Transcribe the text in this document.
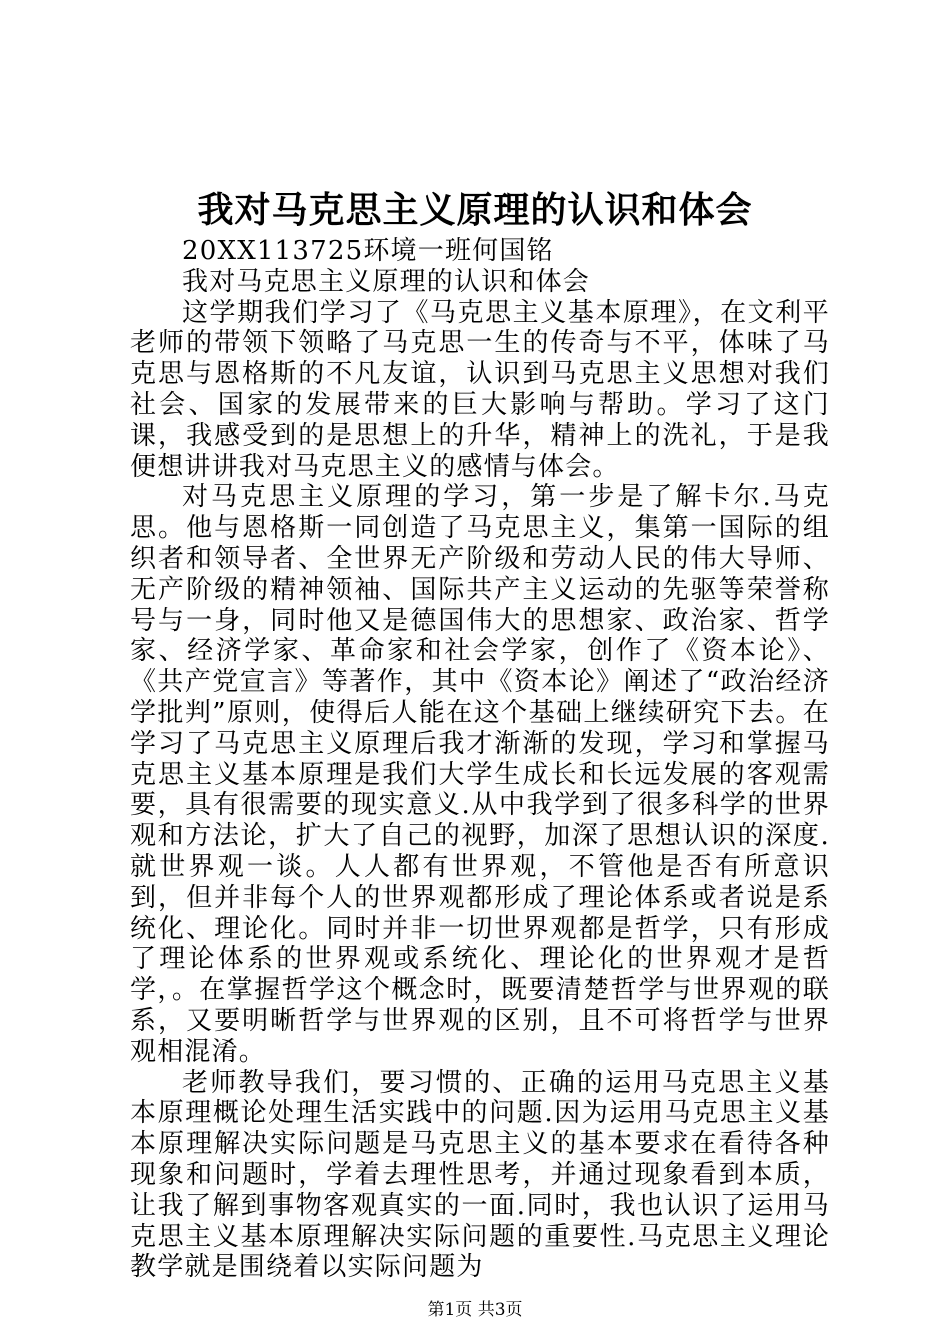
我对马克思主义原理的认识和体会

20XX113725环境一班何国铭

我对马克思主义原理的认识和体会

这学期我们学习了《马克思主义基本原理》，在文利平老师的带领下领略了马克思一生的传奇与不平，体味了马克思与恩格斯的不凡友谊，认识到马克思主义思想对我们社会、国家的发展带来的巨大影响与帮助。学习了这门课，我感受到的是思想上的升华，精神上的洗礼，于是我便想讲讲我对马克思主义的感情与体会。

对马克思主义原理的学习，第一步是了解卡尔.马克思。他与恩格斯一同创造了马克思主义，集第一国际的组织者和领导者、全世界无产阶级和劳动人民的伟大导师、无产阶级的精神领袖、国际共产主义运动的先驱等荣誉称号与一身，同时他又是德国伟大的思想家、政治家、哲学家、经济学家、革命家和社会学家，创作了《资本论》、《共产党宣言》等著作，其中《资本论》阐述了“政治经济学批判”原则，使得后人能在这个基础上继续研究下去。在学习了马克思主义原理后我才渐渐的发现，学习和掌握马克思主义基本原理是我们大学生成长和长远发展的客观需要，具有很需要的现实意义.从中我学到了很多科学的世界观和方法论，扩大了自己的视野，加深了思想认识的深度.就世界观一谈。人人都有世界观，不管他是否有所意识到，但并非每个人的世界观都形成了理论体系或者说是系统化、理论化。同时并非一切世界观都是哲学，只有形成了理论体系的世界观或系统化、理论化的世界观才是哲学，。在掌握哲学这个概念时，既要清楚哲学与世界观的联系，又要明晰哲学与世界观的区别，且不可将哲学与世界观相混淆。

老师教导我们，要习惯的、正确的运用马克思主义基本原理概论处理生活实践中的问题.因为运用马克思主义基本原理解决实际问题是马克思主义的基本要求在看待各种现象和问题时，学着去理性思考，并通过现象看到本质，让我了解到事物客观真实的一面.同时，我也认识了运用马克思主义基本原理解决实际问题的重要性.马克思主义理论教学就是围绕着以实际问题为

第1页 共3页
